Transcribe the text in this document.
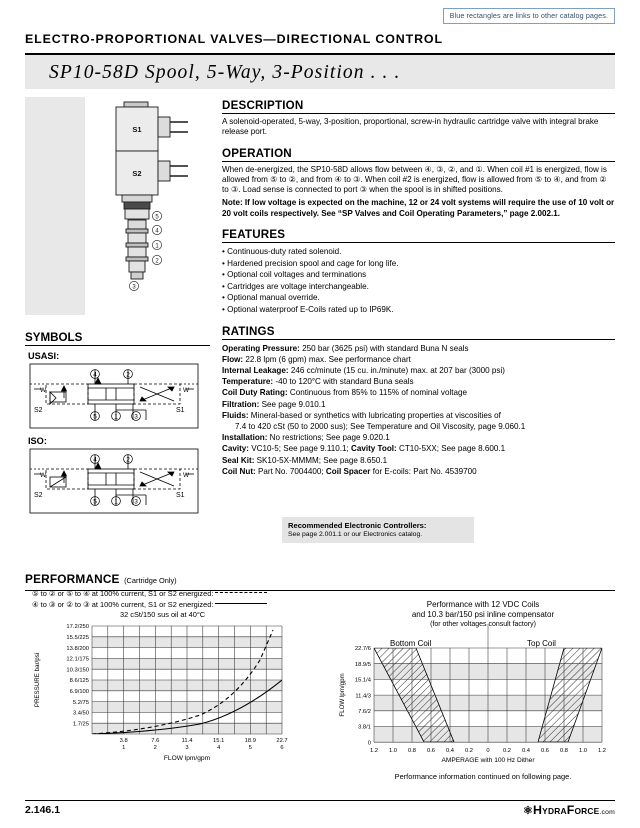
Blue rectangles are links to other catalog pages.
ELECTRO-PROPORTIONAL VALVES—DIRECTIONAL CONTROL
SP10-58D Spool, 5-Way, 3-Position . . .
5
4
1
2
3
S1
S2
DESCRIPTION

A solenoid-operated, 5-way, 3-position, proportional, screw-in hydraulic cartridge valve with integral brake release port.

OPERATION

When de-energized, the SP10-58D allows flow between ④, ③, ②, and ①. When coil #1 is energized, flow is allowed from ⑤ to ②, and from ④ to ③. When coil #2 is energized, flow is allowed from ⑤ to ④, and from ② to ③. Load sense is connected to port ③ when the spool is in shifted positions.

Note: If low voltage is expected on the machine, 12 or 24 volt systems will require the use of 10 volt or 20 volt coils respectively. See “SP Valves and Coil Operating Parameters,” page 2.002.1.

FEATURES
• Continuous-duty rated solenoid.
• Hardened precision spool and cage for long life.
• Optional coil voltages and terminations
• Cartridges are voltage interchangeable.
• Optional manual override.
• Optional waterproof E-Coils rated up to IP69K.
RATINGS
Operating Pressure: 250 bar (3625 psi) with standard Buna N seals
Flow: 22.8 lpm (6 gpm) max. See performance chart
Internal Leakage: 246 cc/minute (15 cu. in./minute) max. at 207 bar (3000 psi)
Temperature: -40 to 120°C with standard Buna seals
Coil Duty Rating: Continuous from 85% to 115% of nominal voltage
Filtration: See page 9.010.1
Fluids: Mineral-based or synthetics with lubricating properties at viscosities of
7.4 to 420 cSt (50 to 2000 sus); See Temperature and Oil Viscosity, page 9.060.1
Installation: No restrictions; See page 9.020.1
Cavity: VC10-5; See page 9.110.1; Cavity Tool: CT10-5XX; See page 8.600.1
Seal Kit: SK10-5X-MMMM; See page 8.650.1
Coil Nut: Part No. 7004400; Coil Spacer for E-coils: Part No. 4539700
Recommended Electronic Controllers:
See page 2.001.1 or our Electronics catalog.
SYMBOLS
USASI:
ISO:
4	2
5	1	3
S2	S1
W	W
4	2
5	1	3
S2	S1
W	W
PERFORMANCE (Cartridge Only)
⑤ to ② or ⑤ to ④ at 100% current, S1 or S2 energized:
④ to ③ or ② to ③ at 100% current, S1 or S2 energized:
32 cSt/150 sus oil at 40°C
17.2/250
15.5/225
13.8/200
12.1/175
10.3/150
8.6/125
6.9/100
5.2/75
3.4/50
1.7/25
PRESSURE bar/psi
3.8
1
7.6
2
11.4
3
15.1
4
18.9
5
22.7
6
FLOW lpm/gpm
Performance with 12 VDC Coils
and 10.3 bar/150 psi inline compensator
(for other voltages consult factory)
Bottom Coil	Top Coil
22.7/6
18.9/5
15.1/4
11.4/3
7.6/2
3.8/1
0
FLOW lpm/gpm
1.2 1.0 0.8 0.6 0.4 0.2 0 0.2 0.4 0.6 0.8 1.0 1.2
AMPERAGE with 100 Hz Dither
Performance information continued on following page.
2.146.1	⚛HYDRAFORCE.com
